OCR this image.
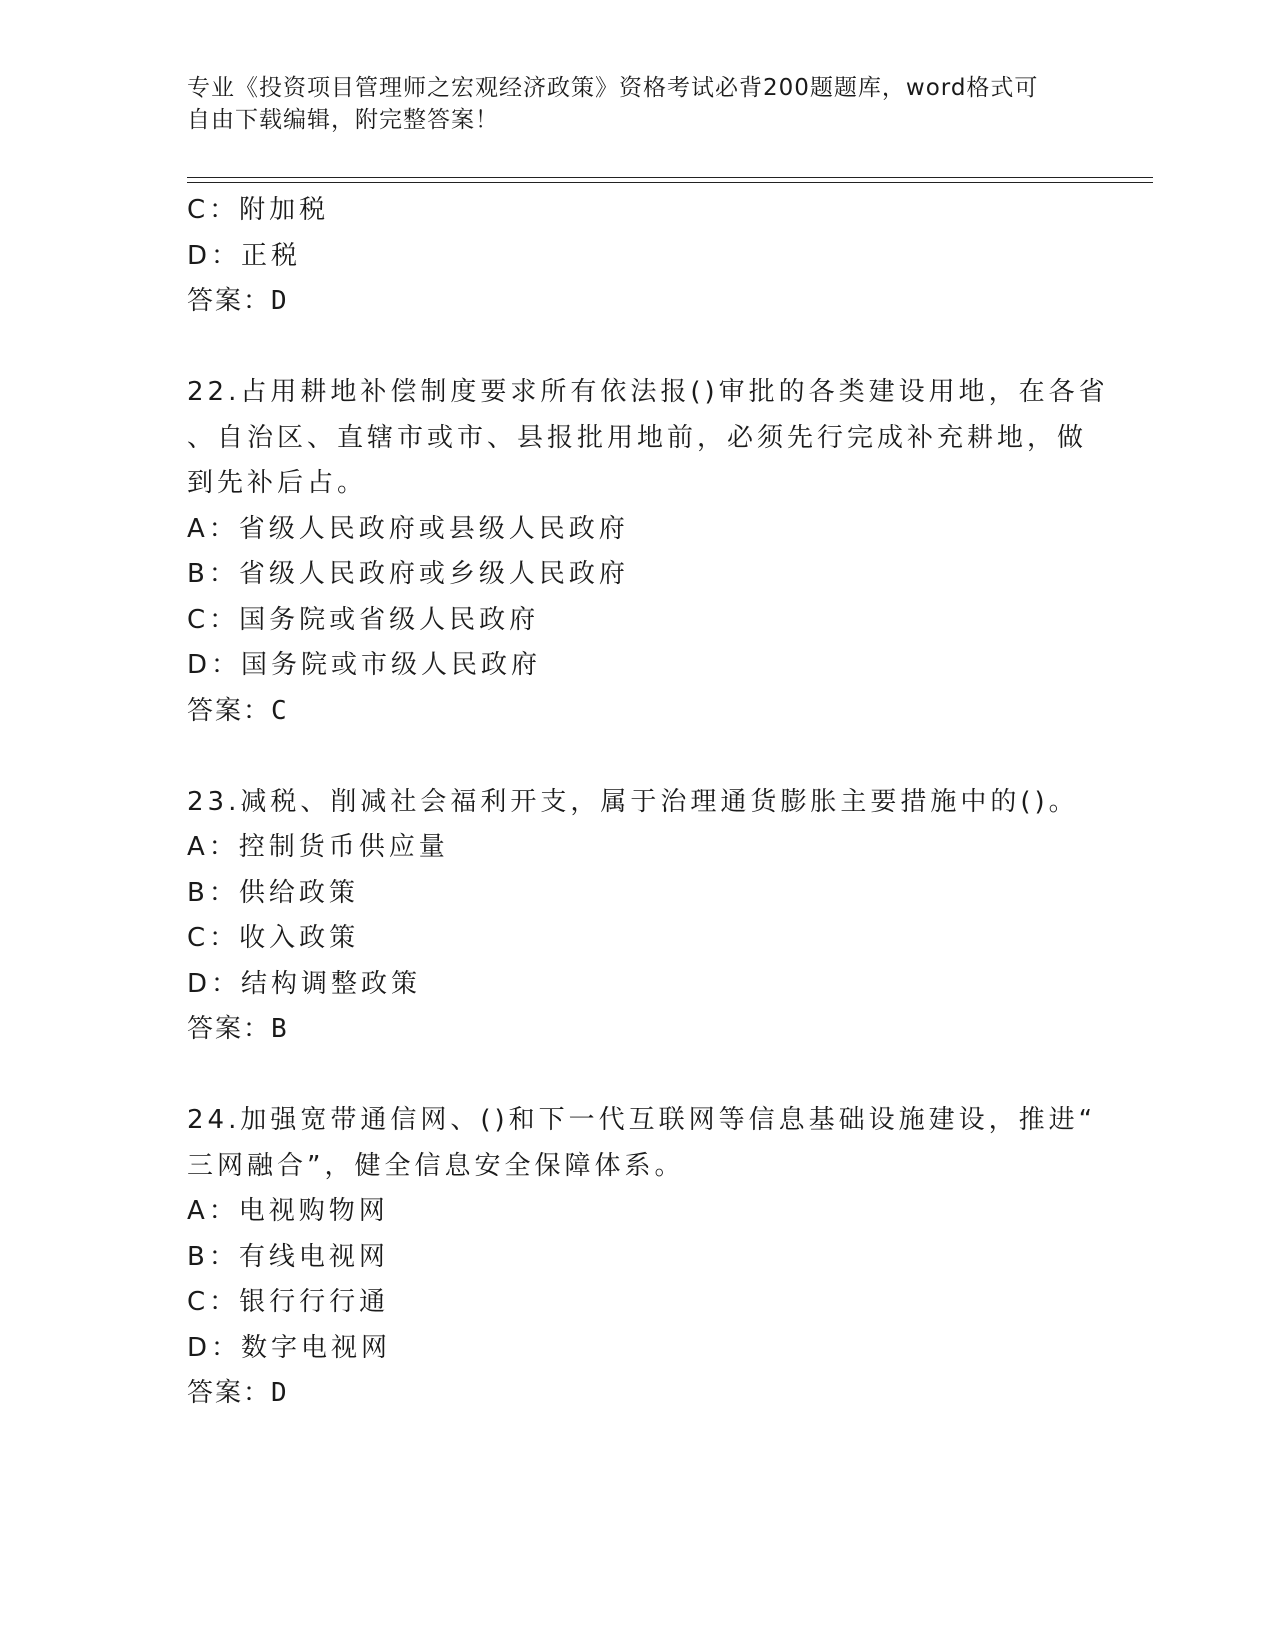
专业《投资项目管理师之宏观经济政策》资格考试必背200题题库，word格式可
自由下载编辑，附完整答案！
C：附加税
D：正税
答案：D
22.占用耕地补偿制度要求所有依法报()审批的各类建设用地，在各省
、自治区、直辖市或市、县报批用地前，必须先行完成补充耕地，做
到先补后占。
A：省级人民政府或县级人民政府
B：省级人民政府或乡级人民政府
C：国务院或省级人民政府
D：国务院或市级人民政府
答案：C
23.减税、削减社会福利开支，属于治理通货膨胀主要措施中的()。
A：控制货币供应量
B：供给政策
C：收入政策
D：结构调整政策
答案：B
24.加强宽带通信网、()和下一代互联网等信息基础设施建设，推进“
三网融合”，健全信息安全保障体系。
A：电视购物网
B：有线电视网
C：银行行行通
D：数字电视网
答案：D
